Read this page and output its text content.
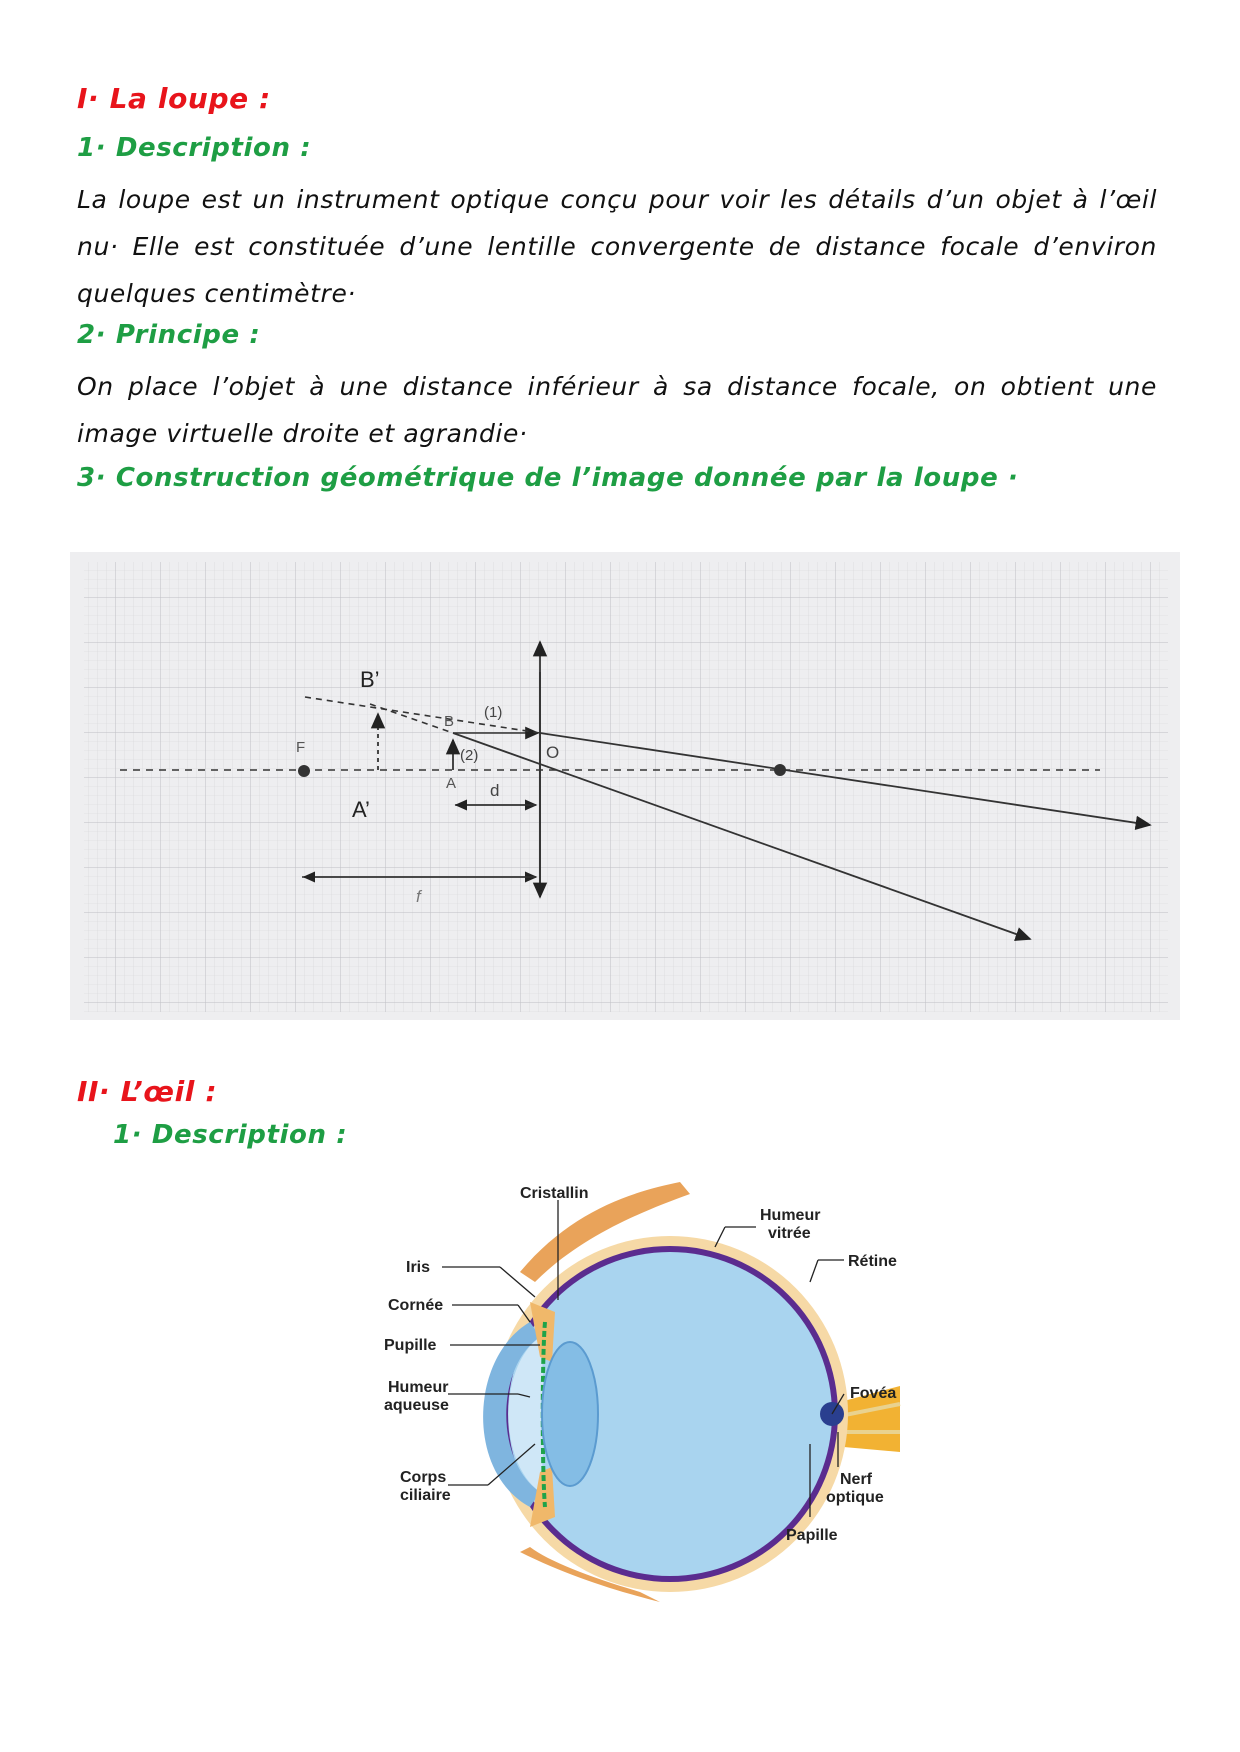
I· La loupe :
1· Description :
La loupe est un instrument optique conçu pour voir les détails d’un objet à l’œil nu· Elle est constituée d’une lentille convergente de distance focale d’environ quelques centimètre·
2· Principe :
On place l’objet à une distance inférieur à sa distance focale, on obtient une image virtuelle droite et agrandie·
3· Construction géométrique de l’image donnée par la loupe ·
B’
A’
F
B
A
O
(1)
(2)
d
f
II· L’œil :
1· Description :
Cristallin
Humeur
vitrée
Rétine
Iris
Cornée
Pupille
Fovéa
Humeur
aqueuse
Corps
ciliaire
Nerf
optique
Papille
